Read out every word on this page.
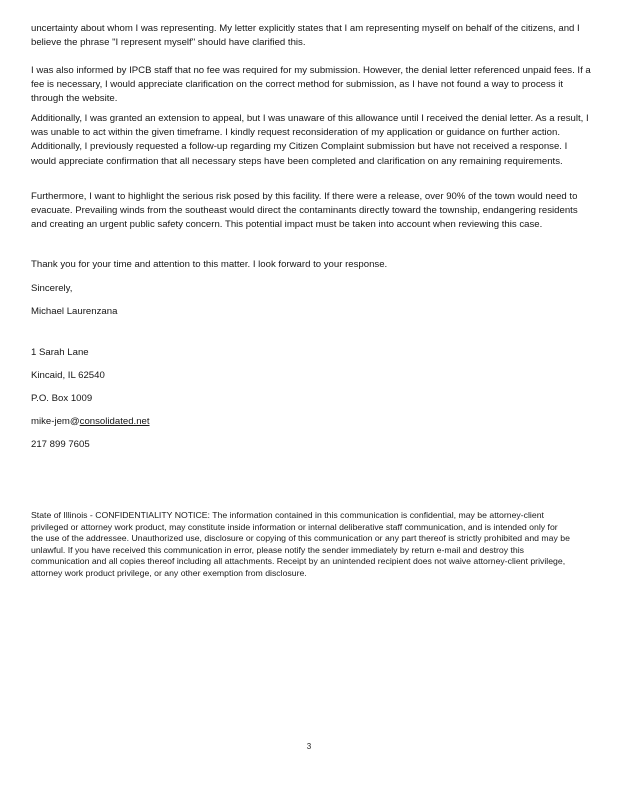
uncertainty about whom I was representing. My letter explicitly states that I am representing myself on behalf of the citizens, and I believe the phrase "I represent myself" should have clarified this.

I was also informed by IPCB staff that no fee was required for my submission. However, the denial letter referenced unpaid fees. If a fee is necessary, I would appreciate clarification on the correct method for submission, as I have not found a way to process it through the website.

Additionally, I was granted an extension to appeal, but I was unaware of this allowance until I received the denial letter. As a result, I was unable to act within the given timeframe. I kindly request reconsideration of my application or guidance on further action. Additionally, I previously requested a follow-up regarding my Citizen Complaint submission but have not received a response. I would appreciate confirmation that all necessary steps have been completed and clarification on any remaining requirements.

Furthermore, I want to highlight the serious risk posed by this facility. If there were a release, over 90% of the town would need to evacuate. Prevailing winds from the southeast would direct the contaminants directly toward the township, endangering residents and creating an urgent public safety concern. This potential impact must be taken into account when reviewing this case.

Thank you for your time and attention to this matter. I look forward to your response.

Sincerely,
Michael Laurenzana
1 Sarah Lane
Kincaid, IL 62540
P.O. Box 1009
mike-jem@consolidated.net
217 899 7605
State of Illinois - CONFIDENTIALITY NOTICE: The information contained in this communication is confidential, may be attorney-client privileged or attorney work product, may constitute inside information or internal deliberative staff communication, and is intended only for the use of the addressee. Unauthorized use, disclosure or copying of this communication or any part thereof is strictly prohibited and may be unlawful. If you have received this communication in error, please notify the sender immediately by return e-mail and destroy this communication and all copies thereof including all attachments. Receipt by an unintended recipient does not waive attorney-client privilege, attorney work product privilege, or any other exemption from disclosure.
3
